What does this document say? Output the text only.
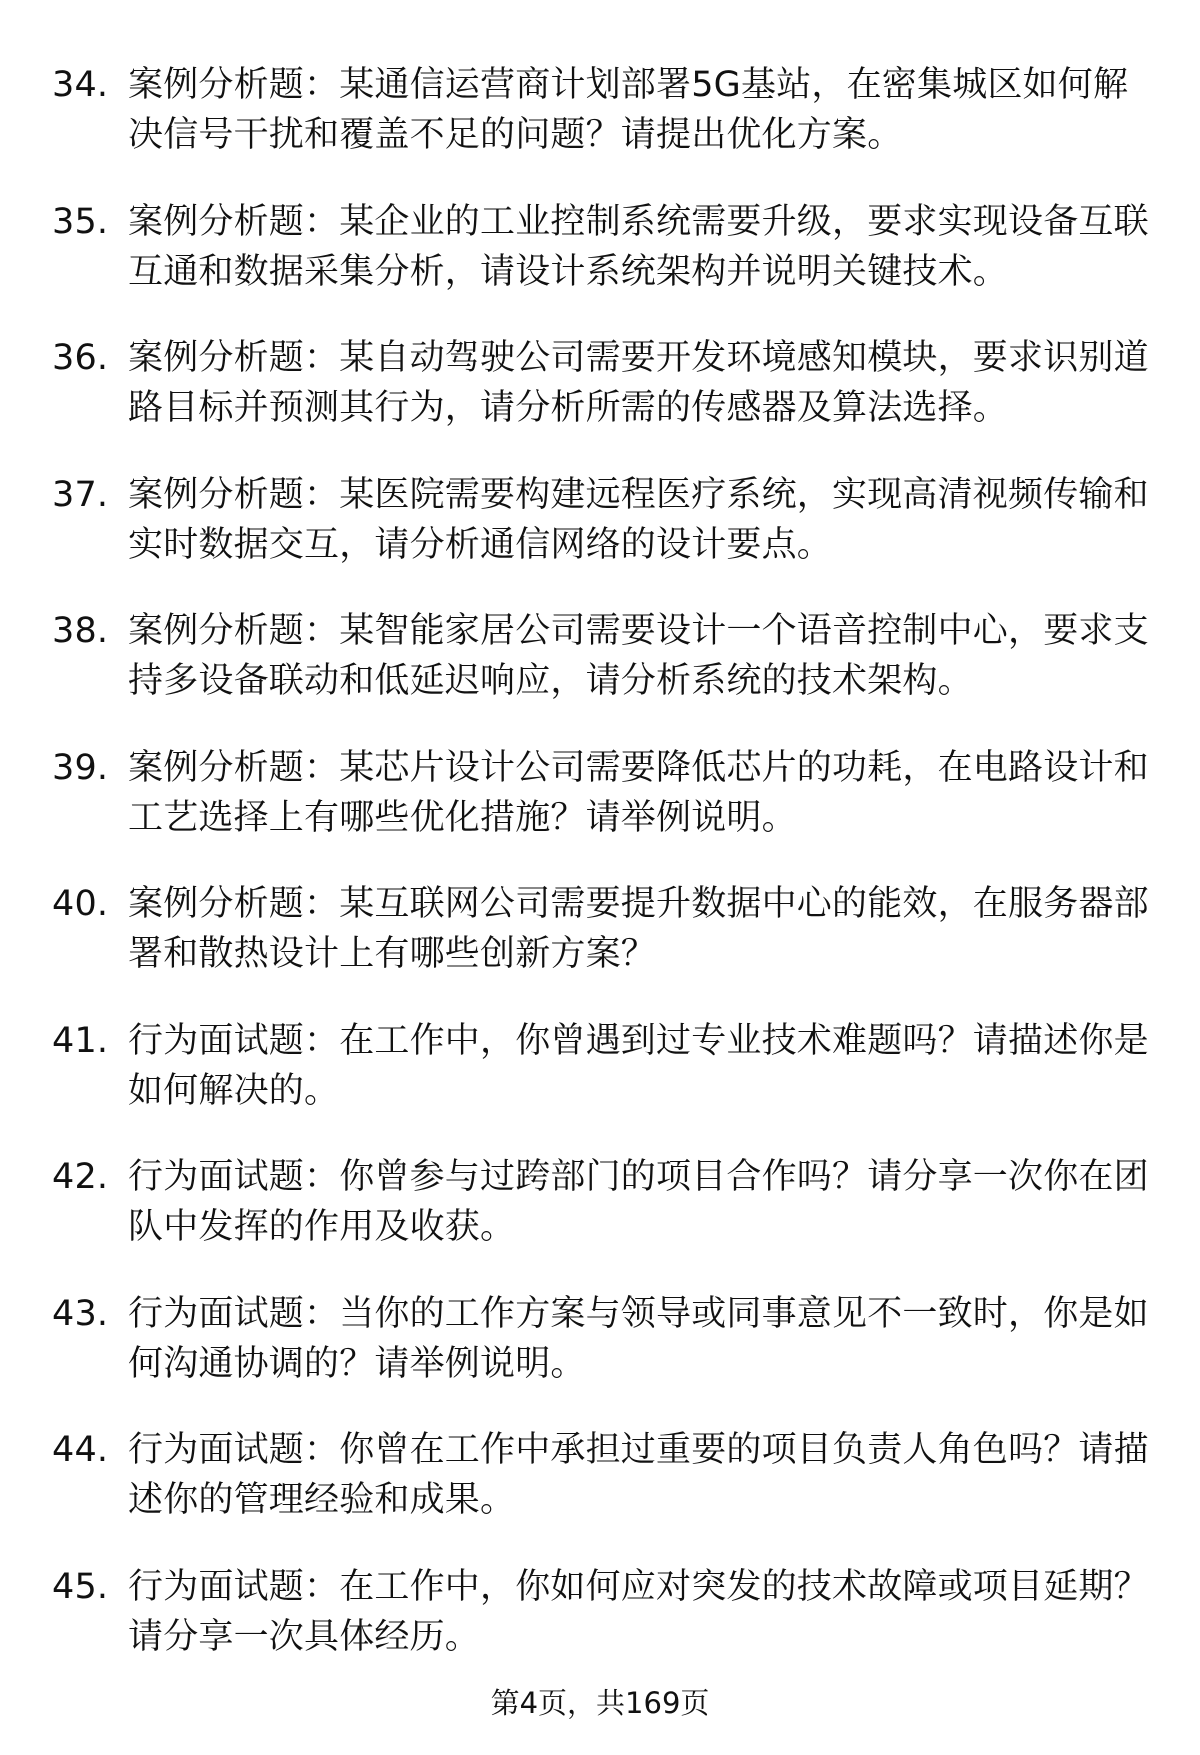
34. 案例分析题：某通信运营商计划部署5G基站，在密集城区如何解决信号干扰和覆盖不足的问题？请提出优化方案。
35. 案例分析题：某企业的工业控制系统需要升级，要求实现设备互联互通和数据采集分析，请设计系统架构并说明关键技术。
36. 案例分析题：某自动驾驶公司需要开发环境感知模块，要求识别道路目标并预测其行为，请分析所需的传感器及算法选择。
37. 案例分析题：某医院需要构建远程医疗系统，实现高清视频传输和实时数据交互，请分析通信网络的设计要点。
38. 案例分析题：某智能家居公司需要设计一个语音控制中心，要求支持多设备联动和低延迟响应，请分析系统的技术架构。
39. 案例分析题：某芯片设计公司需要降低芯片的功耗，在电路设计和工艺选择上有哪些优化措施？请举例说明。
40. 案例分析题：某互联网公司需要提升数据中心的能效，在服务器部署和散热设计上有哪些创新方案？
41. 行为面试题：在工作中，你曾遇到过专业技术难题吗？请描述你是如何解决的。
42. 行为面试题：你曾参与过跨部门的项目合作吗？请分享一次你在团队中发挥的作用及收获。
43. 行为面试题：当你的工作方案与领导或同事意见不一致时，你是如何沟通协调的？请举例说明。
44. 行为面试题：你曾在工作中承担过重要的项目负责人角色吗？请描述你的管理经验和成果。
45. 行为面试题：在工作中，你如何应对突发的技术故障或项目延期？请分享一次具体经历。
第4页，共169页
